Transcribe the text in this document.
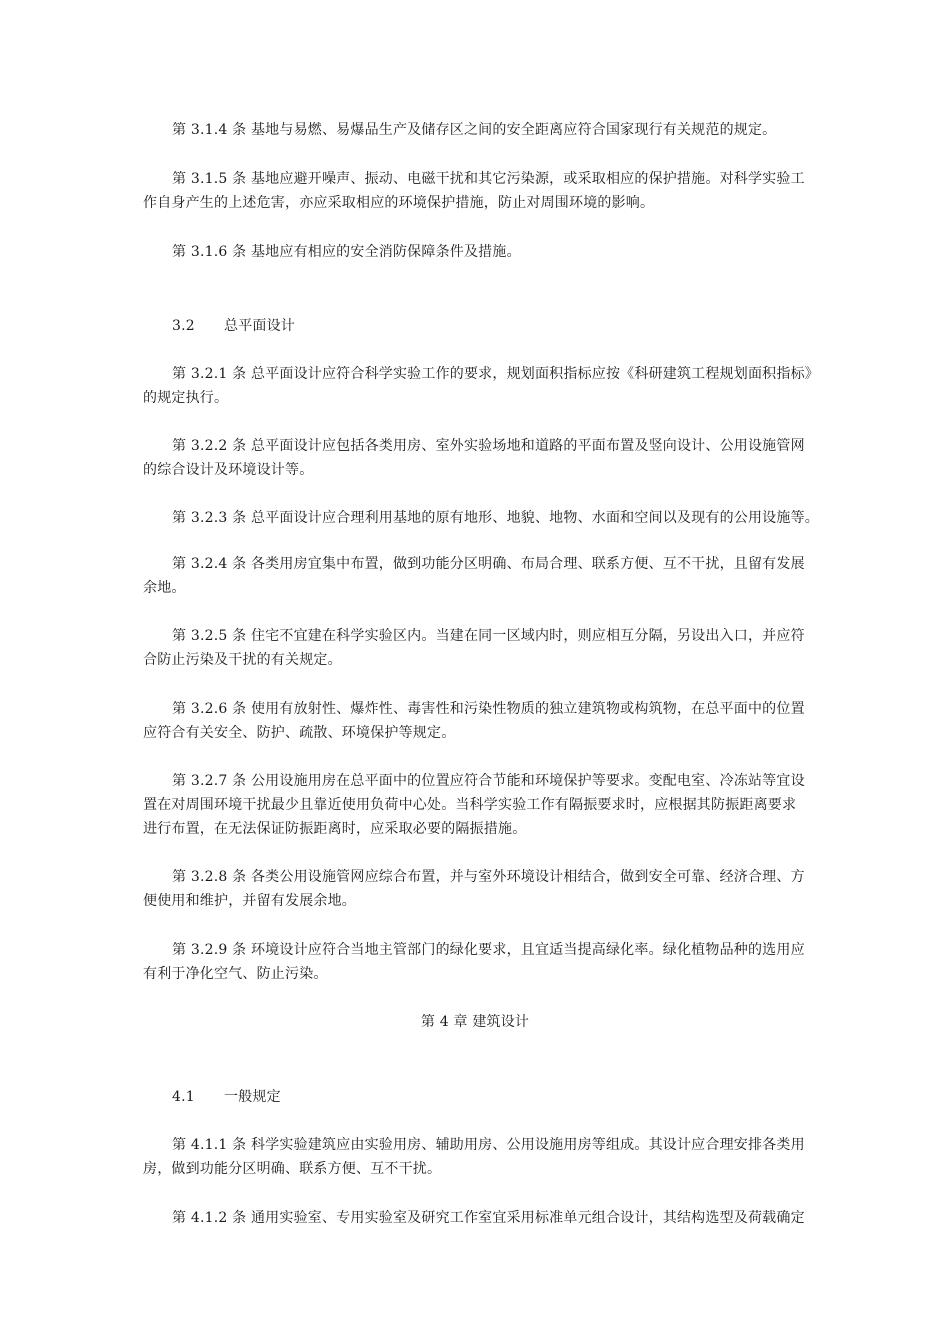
第 3.1.4 条 基地与易燃、易爆品生产及储存区之间的安全距离应符合国家现行有关规范的规定。
第 3.1.5 条 基地应避开噪声、振动、电磁干扰和其它污染源，或采取相应的保护措施。对科学实验工
作自身产生的上述危害，亦应采取相应的环境保护措施，防止对周围环境的影响。
第 3.1.6 条 基地应有相应的安全消防保障条件及措施。
3.2 总平面设计
第 3.2.1 条 总平面设计应符合科学实验工作的要求，规划面积指标应按《科研建筑工程规划面积指标》
的规定执行。
第 3.2.2 条 总平面设计应包括各类用房、室外实验场地和道路的平面布置及竖向设计、公用设施管网
的综合设计及环境设计等。
第 3.2.3 条 总平面设计应合理利用基地的原有地形、地貌、地物、水面和空间以及现有的公用设施等。
第 3.2.4 条 各类用房宜集中布置，做到功能分区明确、布局合理、联系方便、互不干扰，且留有发展
余地。
第 3.2.5 条 住宅不宜建在科学实验区内。当建在同一区域内时，则应相互分隔，另设出入口，并应符
合防止污染及干扰的有关规定。
第 3.2.6 条 使用有放射性、爆炸性、毒害性和污染性物质的独立建筑物或构筑物，在总平面中的位置
应符合有关安全、防护、疏散、环境保护等规定。
第 3.2.7 条 公用设施用房在总平面中的位置应符合节能和环境保护等要求。变配电室、冷冻站等宜设
置在对周围环境干扰最少且靠近使用负荷中心处。当科学实验工作有隔振要求时，应根据其防振距离要求
进行布置，在无法保证防振距离时，应采取必要的隔振措施。
第 3.2.8 条 各类公用设施管网应综合布置，并与室外环境设计相结合，做到安全可靠、经济合理、方
便使用和维护，并留有发展余地。
第 3.2.9 条 环境设计应符合当地主管部门的绿化要求，且宜适当提高绿化率。绿化植物品种的选用应
有利于净化空气、防止污染。
第 4 章 建筑设计
4.1 一般规定
第 4.1.1 条 科学实验建筑应由实验用房、辅助用房、公用设施用房等组成。其设计应合理安排各类用
房，做到功能分区明确、联系方便、互不干扰。
第 4.1.2 条 通用实验室、专用实验室及研究工作室宜采用标准单元组合设计，其结构选型及荷载确定
